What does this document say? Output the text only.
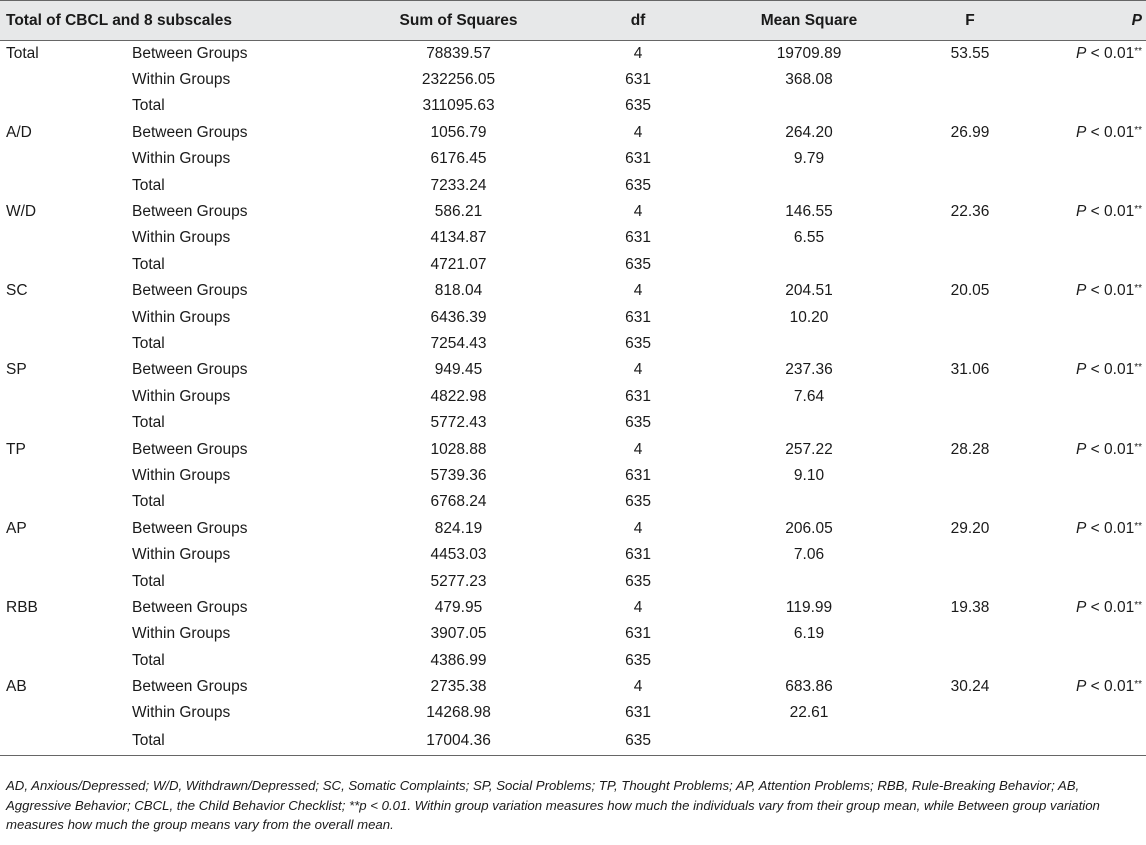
Total of CBCL and 8 subscales		Sum of Squares	df	Mean Square	F	P
Total	Between Groups	78839.57	4	19709.89	53.55	P < 0.01**
	Within Groups	232256.05	631	368.08		
	Total	311095.63	635			
A/D	Between Groups	1056.79	4	264.20	26.99	P < 0.01**
	Within Groups	6176.45	631	9.79		
	Total	7233.24	635			
W/D	Between Groups	586.21	4	146.55	22.36	P < 0.01**
	Within Groups	4134.87	631	6.55		
	Total	4721.07	635			
SC	Between Groups	818.04	4	204.51	20.05	P < 0.01**
	Within Groups	6436.39	631	10.20		
	Total	7254.43	635			
SP	Between Groups	949.45	4	237.36	31.06	P < 0.01**
	Within Groups	4822.98	631	7.64		
	Total	5772.43	635			
TP	Between Groups	1028.88	4	257.22	28.28	P < 0.01**
	Within Groups	5739.36	631	9.10		
	Total	6768.24	635			
AP	Between Groups	824.19	4	206.05	29.20	P < 0.01**
	Within Groups	4453.03	631	7.06		
	Total	5277.23	635			
RBB	Between Groups	479.95	4	119.99	19.38	P < 0.01**
	Within Groups	3907.05	631	6.19		
	Total	4386.99	635			
AB	Between Groups	2735.38	4	683.86	30.24	P < 0.01**
	Within Groups	14268.98	631	22.61		
	Total	17004.36	635			
AD, Anxious/Depressed; W/D, Withdrawn/Depressed; SC, Somatic Complaints; SP, Social Problems; TP, Thought Problems; AP, Attention Problems; RBB, Rule-Breaking Behavior; AB, Aggressive Behavior; CBCL, the Child Behavior Checklist; **p < 0.01. Within group variation measures how much the individuals vary from their group mean, while Between group variation measures how much the group means vary from the overall mean.
